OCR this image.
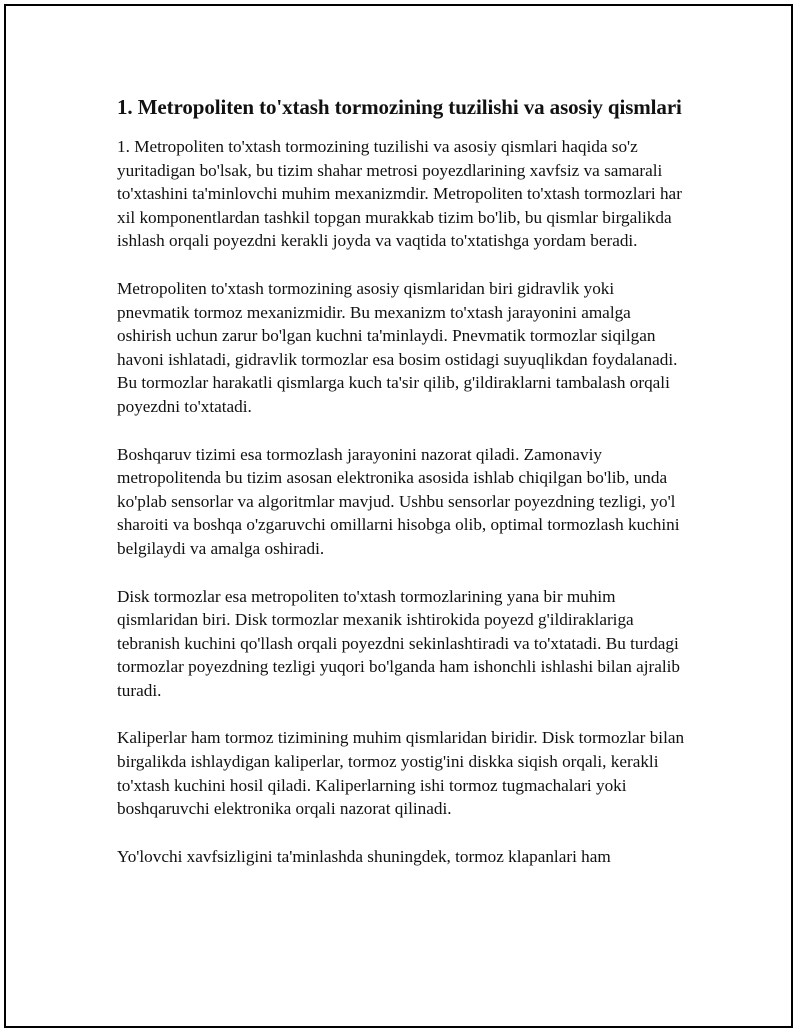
1. Metropoliten to'xtash tormozining tuzilishi va asosiy qismlari

1. Metropoliten to'xtash tormozining tuzilishi va asosiy qismlari haqida so'z yuritadigan bo'lsak, bu tizim shahar metrosi poyezdlarining xavfsiz va samarali to'xtashini ta'minlovchi muhim mexanizmdir. Metropoliten to'xtash tormozlari har xil komponentlardan tashkil topgan murakkab tizim bo'lib, bu qismlar birgalikda ishlash orqali poyezdni kerakli joyda va vaqtida to'xtatishga yordam beradi.

Metropoliten to'xtash tormozining asosiy qismlaridan biri gidravlik yoki pnevmatik tormoz mexanizmidir. Bu mexanizm to'xtash jarayonini amalga oshirish uchun zarur bo'lgan kuchni ta'minlaydi. Pnevmatik tormozlar siqilgan havoni ishlatadi, gidravlik tormozlar esa bosim ostidagi suyuqlikdan foydalanadi. Bu tormozlar harakatli qismlarga kuch ta'sir qilib, g'ildiraklarni tambalash orqali poyezdni to'xtatadi.

Boshqaruv tizimi esa tormozlash jarayonini nazorat qiladi. Zamonaviy metropolitenda bu tizim asosan elektronika asosida ishlab chiqilgan bo'lib, unda ko'plab sensorlar va algoritmlar mavjud. Ushbu sensorlar poyezdning tezligi, yo'l sharoiti va boshqa o'zgaruvchi omillarni hisobga olib, optimal tormozlash kuchini belgilaydi va amalga oshiradi.

Disk tormozlar esa metropoliten to'xtash tormozlarining yana bir muhim qismlaridan biri. Disk tormozlar mexanik ishtirokida poyezd g'ildiraklariga tebranish kuchini qo'llash orqali poyezdni sekinlashtiradi va to'xtatadi. Bu turdagi tormozlar poyezdning tezligi yuqori bo'lganda ham ishonchli ishlashi bilan ajralib turadi.

Kaliperlar ham tormoz tizimining muhim qismlaridan biridir. Disk tormozlar bilan birgalikda ishlaydigan kaliperlar, tormoz yostig'ini diskka siqish orqali, kerakli to'xtash kuchini hosil qiladi. Kaliperlarning ishi tormoz tugmachalari yoki boshqaruvchi elektronika orqali nazorat qilinadi.

Yo'lovchi xavfsizligini ta'minlashda shuningdek, tormoz klapanlari ham
